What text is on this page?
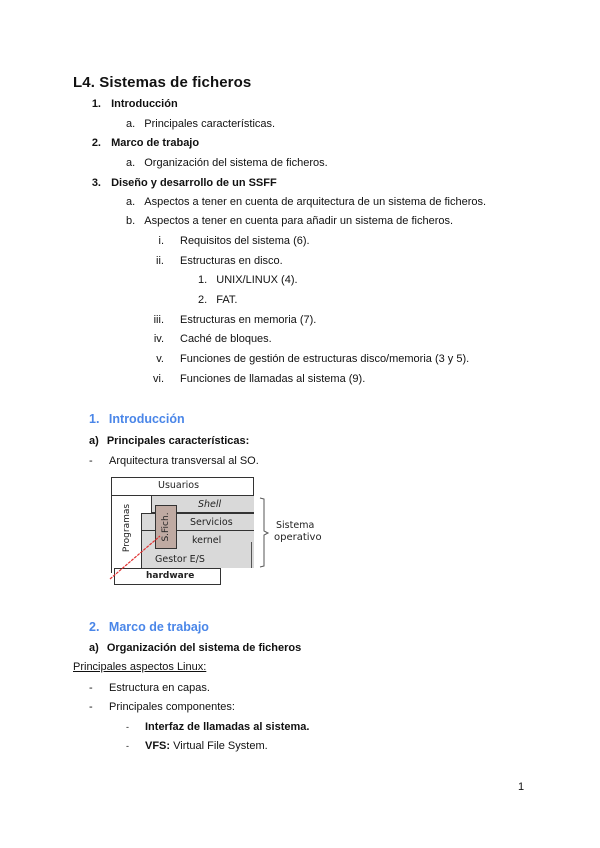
L4. Sistemas de ficheros
1. Introducción
a. Principales características.
2. Marco de trabajo
a. Organización del sistema de ficheros.
3. Diseño y desarrollo de un SSFF
a. Aspectos a tener en cuenta de arquitectura de un sistema de ficheros.
b. Aspectos a tener en cuenta para añadir un sistema de ficheros.
i. Requisitos del sistema (6).
ii. Estructuras en disco.
1. UNIX/LINUX (4).
2. FAT.
iii. Estructuras en memoria (7).
iv. Caché de bloques.
v. Funciones de gestión de estructuras disco/memoria (3 y 5).
vi. Funciones de llamadas al sistema (9).
1. Introducción
a) Principales características:
- Arquitectura transversal al SO.
Usuarios
Shell
Servicios
kernel
Gestor E/S
S.Fich.
Programas
hardware
Sistema
operativo
2. Marco de trabajo
a) Organización del sistema de ficheros
Principales aspectos Linux:
- Estructura en capas.
- Principales componentes:
- Interfaz de llamadas al sistema.
- VFS: Virtual File System.
1
